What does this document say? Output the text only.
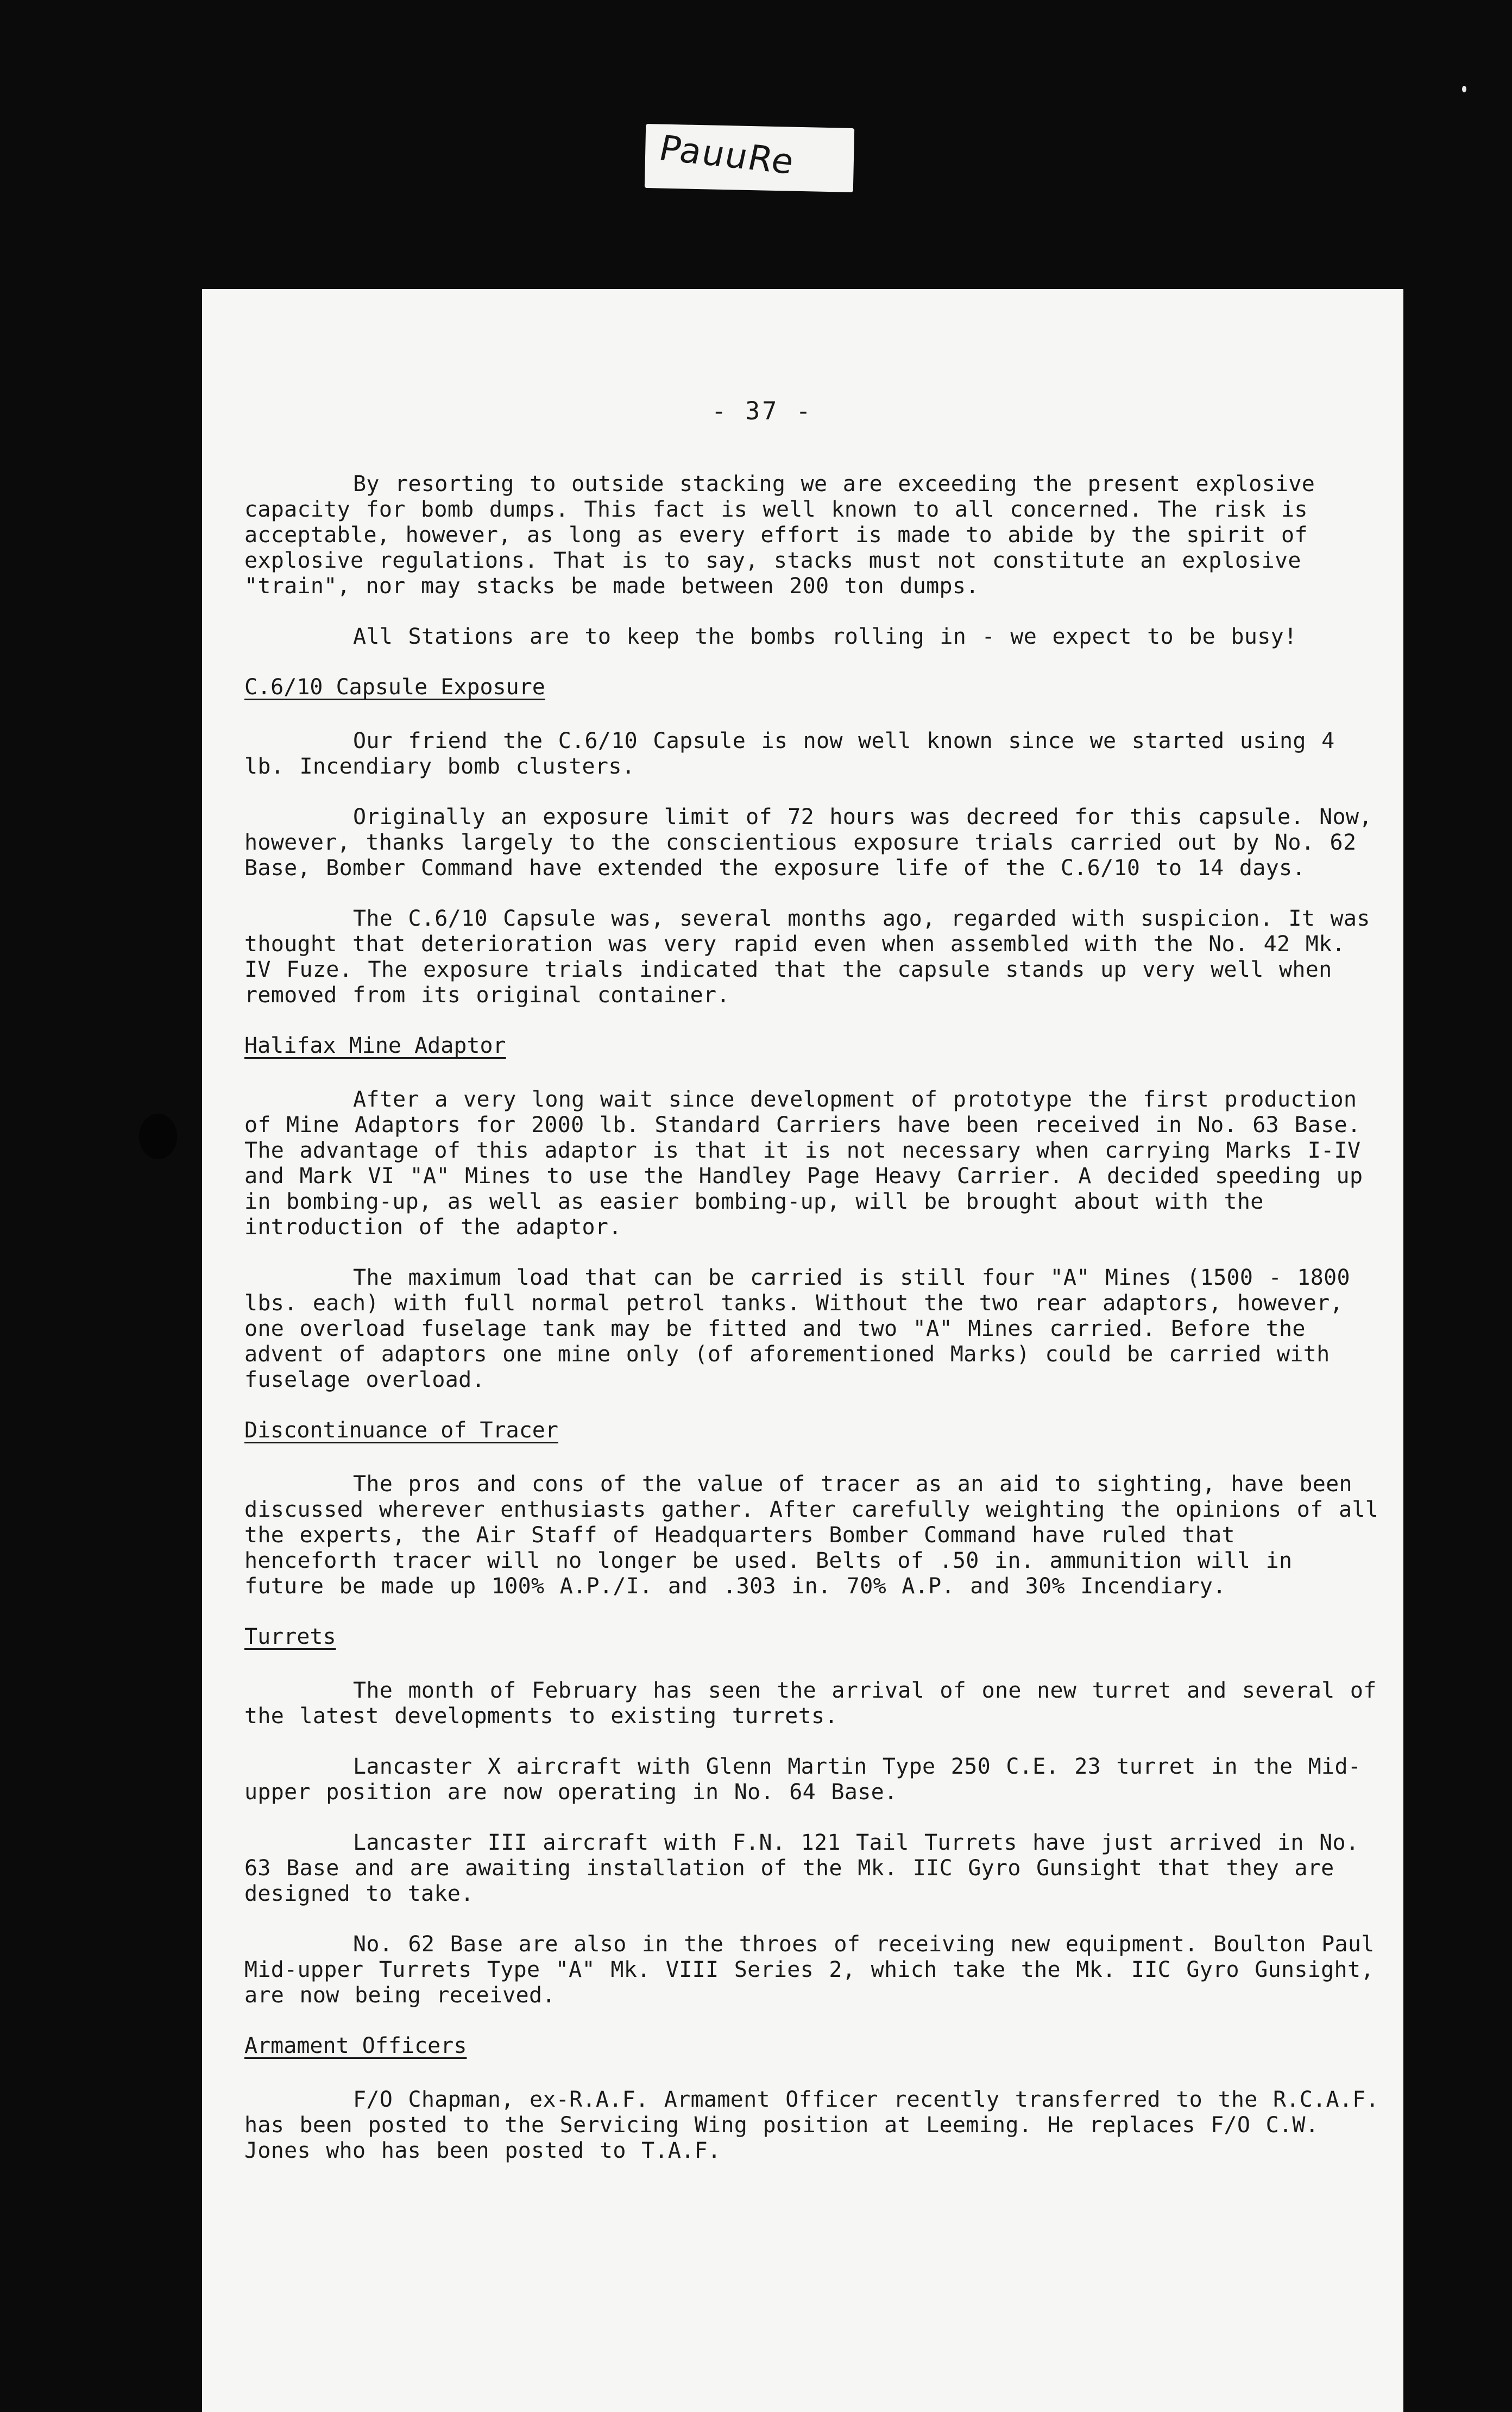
PauuRe
- 37 -

By resorting to outside stacking we are exceeding the present explosive capacity for bomb dumps. This fact is well known to all concerned. The risk is acceptable, however, as long as every effort is made to abide by the spirit of explosive regulations. That is to say, stacks must not constitute an explosive "train", nor may stacks be made between 200 ton dumps.

All Stations are to keep the bombs rolling in - we expect to be busy!

C.6/10 Capsule Exposure

Our friend the C.6/10 Capsule is now well known since we started using 4 lb. Incendiary bomb clusters.

Originally an exposure limit of 72 hours was decreed for this capsule. Now, however, thanks largely to the conscientious exposure trials carried out by No. 62 Base, Bomber Command have extended the exposure life of the C.6/10 to 14 days.

The C.6/10 Capsule was, several months ago, regarded with suspicion. It was thought that deterioration was very rapid even when assembled with the No. 42 Mk. IV Fuze. The exposure trials indicated that the capsule stands up very well when removed from its original container.

Halifax Mine Adaptor

After a very long wait since development of prototype the first production of Mine Adaptors for 2000 lb. Standard Carriers have been received in No. 63 Base. The advantage of this adaptor is that it is not necessary when carrying Marks I-IV and Mark VI "A" Mines to use the Handley Page Heavy Carrier. A decided speeding up in bombing-up, as well as easier bombing-up, will be brought about with the introduction of the adaptor.

The maximum load that can be carried is still four "A" Mines (1500 - 1800 lbs. each) with full normal petrol tanks. Without the two rear adaptors, however, one overload fuselage tank may be fitted and two "A" Mines carried. Before the advent of adaptors one mine only (of aforementioned Marks) could be carried with fuselage overload.

Discontinuance of Tracer

The pros and cons of the value of tracer as an aid to sighting, have been discussed wherever enthusiasts gather. After carefully weighting the opinions of all the experts, the Air Staff of Headquarters Bomber Command have ruled that henceforth tracer will no longer be used. Belts of .50 in. ammunition will in future be made up 100% A.P./I. and .303 in. 70% A.P. and 30% Incendiary.

Turrets

The month of February has seen the arrival of one new turret and several of the latest developments to existing turrets.

Lancaster X aircraft with Glenn Martin Type 250 C.E. 23 turret in the Mid-upper position are now operating in No. 64 Base.

Lancaster III aircraft with F.N. 121 Tail Turrets have just arrived in No. 63 Base and are awaiting installation of the Mk. IIC Gyro Gunsight that they are designed to take.

No. 62 Base are also in the throes of receiving new equipment. Boulton Paul Mid-upper Turrets Type "A" Mk. VIII Series 2, which take the Mk. IIC Gyro Gunsight, are now being received.

Armament Officers

F/O Chapman, ex-R.A.F. Armament Officer recently transferred to the R.C.A.F. has been posted to the Servicing Wing position at Leeming. He replaces F/O C.W. Jones who has been posted to T.A.F.
